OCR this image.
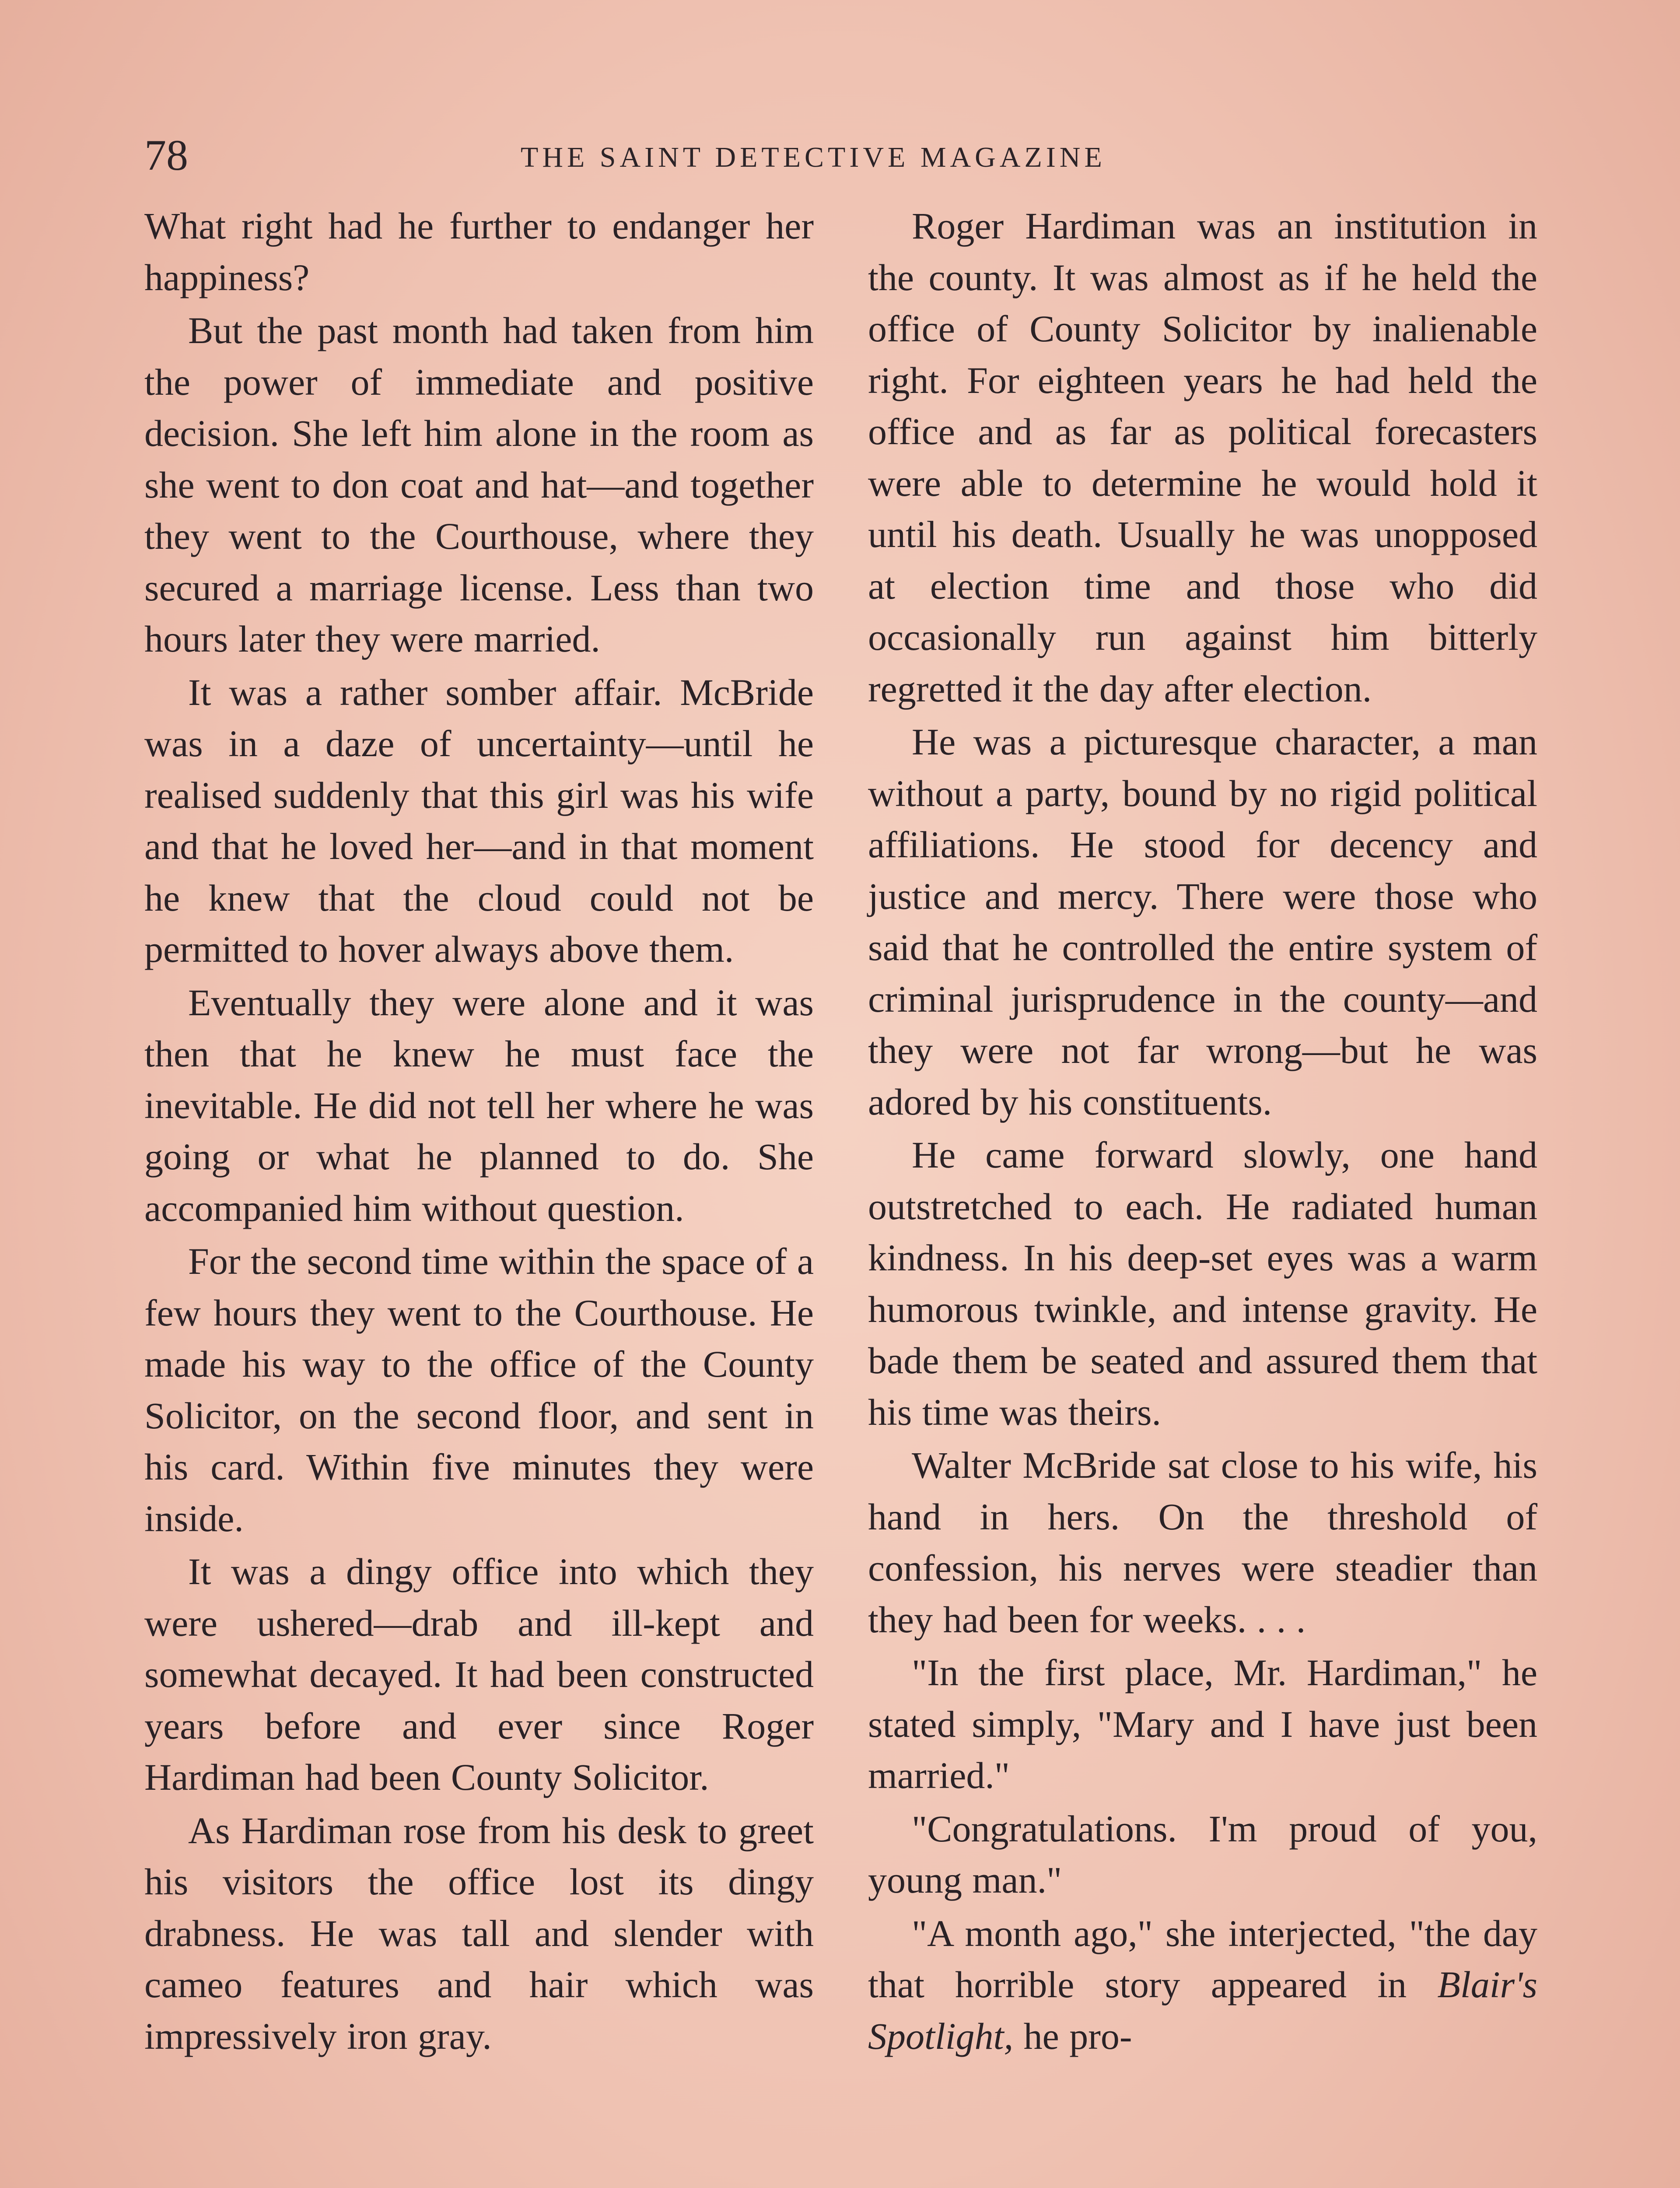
78	THE SAINT DETECTIVE MAGAZINE

What right had he further to endanger her happiness?

But the past month had taken from him the power of immediate and positive decision. She left him alone in the room as she went to don coat and hat—and together they went to the Courthouse, where they secured a marriage license. Less than two hours later they were married.

It was a rather somber affair. McBride was in a daze of uncertainty—until he realised suddenly that this girl was his wife and that he loved her—and in that moment he knew that the cloud could not be permitted to hover always above them.

Eventually they were alone and it was then that he knew he must face the inevitable. He did not tell her where he was going or what he planned to do. She accompanied him without question.

For the second time within the space of a few hours they went to the Courthouse. He made his way to the office of the County Solicitor, on the second floor, and sent in his card. Within five minutes they were inside.

It was a dingy office into which they were ushered—drab and ill-kept and somewhat decayed. It had been constructed years before and ever since Roger Hardiman had been County Solicitor.

As Hardiman rose from his desk to greet his visitors the office lost its dingy drabness. He was tall and slender with cameo features and hair which was impressively iron gray.

Roger Hardiman was an institution in the county. It was almost as if he held the office of County Solicitor by inalienable right. For eighteen years he had held the office and as far as political forecasters were able to determine he would hold it until his death. Usually he was unopposed at election time and those who did occasionally run against him bitterly regretted it the day after election.

He was a picturesque character, a man without a party, bound by no rigid political affiliations. He stood for decency and justice and mercy. There were those who said that he controlled the entire system of criminal jurisprudence in the county—and they were not far wrong—but he was adored by his constituents.

He came forward slowly, one hand outstretched to each. He radiated human kindness. In his deep-set eyes was a warm humorous twinkle, and intense gravity. He bade them be seated and assured them that his time was theirs.

Walter McBride sat close to his wife, his hand in hers. On the threshold of confession, his nerves were steadier than they had been for weeks. . . .

"In the first place, Mr. Hardiman," he stated simply, "Mary and I have just been married."

"Congratulations. I'm proud of you, young man."

"A month ago," she interjected, "the day that horrible story appeared in Blair's Spotlight, he pro-
